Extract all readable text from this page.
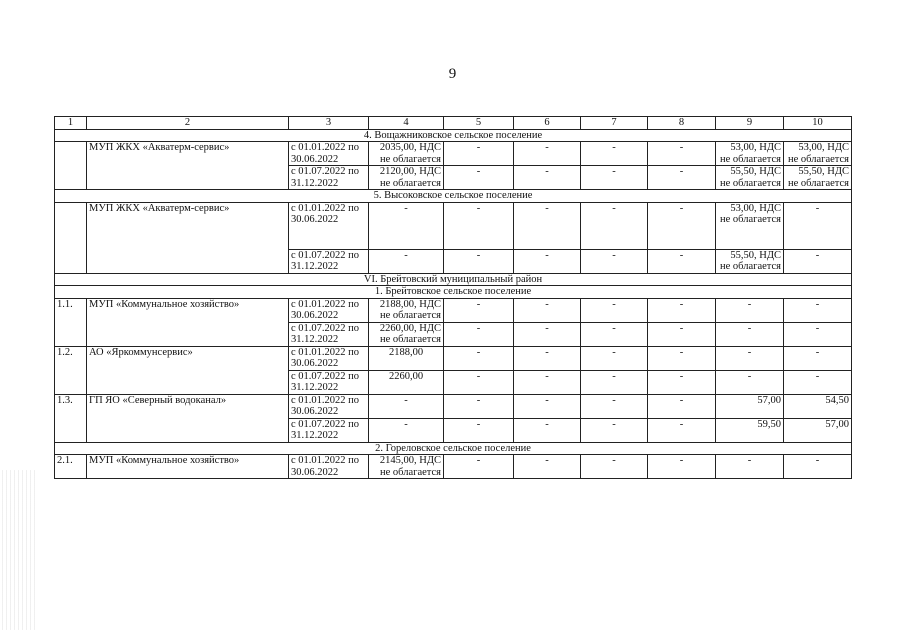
9
1	2	3	4	5	6	7	8	9	10
4. Вощажниковское сельское поселение									
	МУП ЖКХ «Акватерм-сервис»	с 01.01.2022 по 30.06.2022	2035,00, НДС не облагается	-	-	-	-	53,00, НДС не облагается	53,00, НДС не облагается
		с 01.07.2022 по 31.12.2022	2120,00, НДС не облагается	-	-	-	-	55,50, НДС не облагается	55,50, НДС не облагается
5. Высоковское сельское поселение									
	МУП ЖКХ «Акватерм-сервис»	с 01.01.2022 по 30.06.2022	-	-	-	-	-	53,00, НДС не облагается	-
		с 01.07.2022 по 31.12.2022	-	-	-	-	-	55,50, НДС не облагается	-
VI. Брейтовский муниципальный район									
1. Брейтовское сельское поселение									
1.1.	МУП «Коммунальное хозяйство»	с 01.01.2022 по 30.06.2022	2188,00, НДС не облагается	-	-	-	-	-	-
		с 01.07.2022 по 31.12.2022	2260,00, НДС не облагается	-	-	-	-	-	-
1.2.	АО «Яркоммунсервис»	с 01.01.2022 по 30.06.2022	2188,00	-	-	-	-	-	-
		с 01.07.2022 по 31.12.2022	2260,00	-	-	-	-	-	-
1.3.	ГП ЯО «Северный водоканал»	с 01.01.2022 по 30.06.2022	-	-	-	-	-	57,00	54,50
		с 01.07.2022 по 31.12.2022	-	-	-	-	-	59,50	57,00
2. Гореловское сельское поселение									
2.1.	МУП «Коммунальное хозяйство»	с 01.01.2022 по 30.06.2022	2145,00, НДС не облагается	-	-	-	-	-	-
